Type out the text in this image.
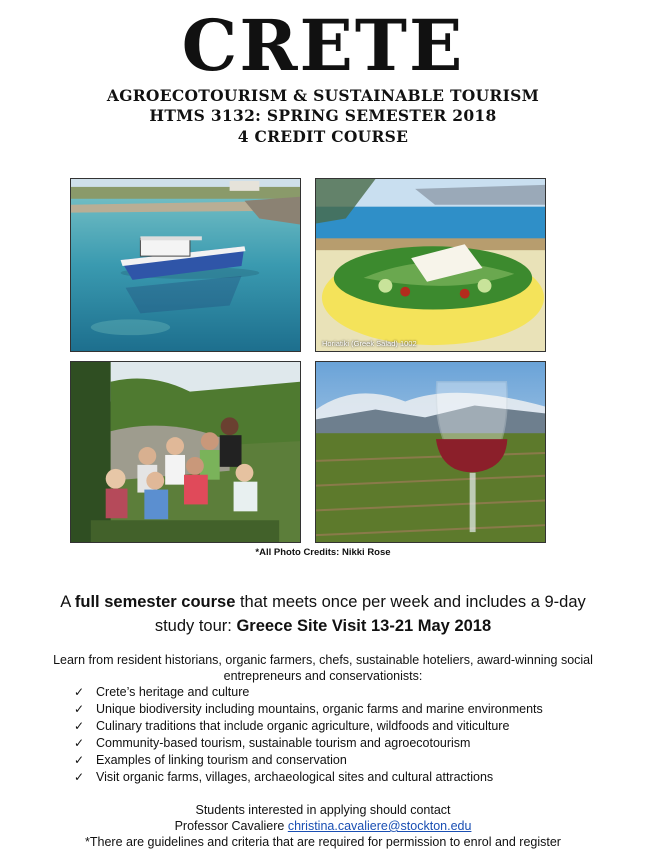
CRETE
AGROECOTOURISM & SUSTAINABLE TOURISM
HTMS 3132: SPRING SEMESTER 2018
4 CREDIT COURSE
Horiatiki (Greek Salad) 1002
*All Photo Credits: Nikki Rose
A full semester course that meets once per week and includes a 9-day study tour: Greece Site Visit 13-21 May 2018
Learn from resident historians, organic farmers, chefs, sustainable hoteliers, award-winning social entrepreneurs and conservationists:
✓ Crete’s heritage and culture
✓ Unique biodiversity including mountains, organic farms and marine environments
✓ Culinary traditions that include organic agriculture, wildfoods and viticulture
✓ Community-based tourism, sustainable tourism and agroecotourism
✓ Examples of linking tourism and conservation
✓ Visit organic farms, villages, archaeological sites and cultural attractions
Students interested in applying should contact
Professor Cavaliere christina.cavaliere@stockton.edu
*There are guidelines and criteria that are required for permission to enrol and register
